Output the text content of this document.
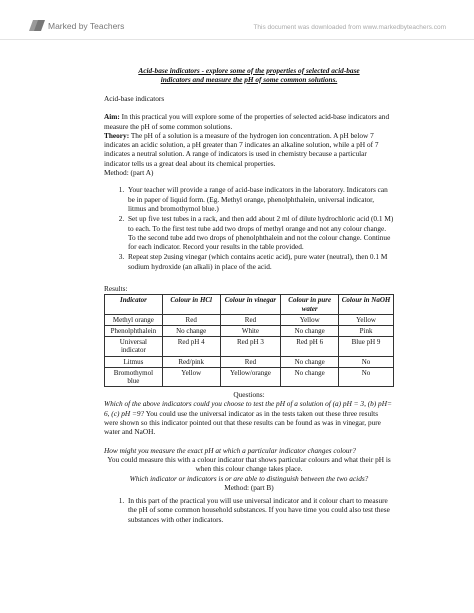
Marked by Teachers	This document was downloaded from www.markedbyteachers.com
Acid-base indicators - explore some of the properties of selected acid-base
indicators and measure the pH of some common solutions.

Acid-base indicators

Aim: In this practical you will explore some of the properties of selected acid-base indicators and measure the pH of some common solutions.

Theory: The pH of a solution is a measure of the hydrogen ion concentration. A pH below 7 indicates an acidic solution, a pH greater than 7 indicates an alkaline solution, while a pH of 7 indicates a neutral solution. A range of indicators is used in chemistry because a particular indicator tells us a great deal about its chemical properties.

Method: (part A)

1. Your teacher will provide a range of acid-base indicators in the laboratory. Indicators can be in paper of liquid form. (Eg. Methyl orange, phenolphthalein, universal indicator, litmus and bromothymol blue.)
2. Set up five test tubes in a rack, and then add about 2 ml of dilute hydrochloric acid (0.1 M) to each. To the first test tube add two drops of methyl orange and not any colour change. To the second tube add two drops of phenolphthalein and not the colour change. Continue for each indicator. Record your results in the table provided.
3. Repeat step 2using vinegar (which contains acetic acid), pure water (neutral), then 0.1 M sodium hydroxide (an alkali) in place of the acid.

Results:

Indicator	Colour in HCl	Colour in vinegar	Colour in pure water	Colour in NaOH
Methyl orange	Red	Red	Yellow	Yellow
Phenolphthalein	No change	White	No change	Pink
Universal indicator	Red pH 4	Red pH 3	Red pH 6	Blue pH 9
Litmus	Red/pink	Red	No change	No
Bromothymol blue	Yellow	Yellow/orange	No change	No

Questions:

Which of the above indicators could you choose to test the pH of a solution of (a) pH = 3, (b) pH= 6, (c) pH =9? You could use the universal indicator as in the tests taken out these three results were shown so this indicator pointed out that these results can be found as was in vinegar, pure water and NaOH.

How might you measure the exact pH at which a particular indicator changes colour?

You could measure this with a colour indicator that shows particular colours and what their pH is when this colour change takes place.

Which indicator or indicators is or are able to distinguish between the two acids?

Method: (part B)

1. In this part of the practical you will use universal indicator and it colour chart to measure the pH of some common household substances. If you have time you could also test these substances with other indicators.
